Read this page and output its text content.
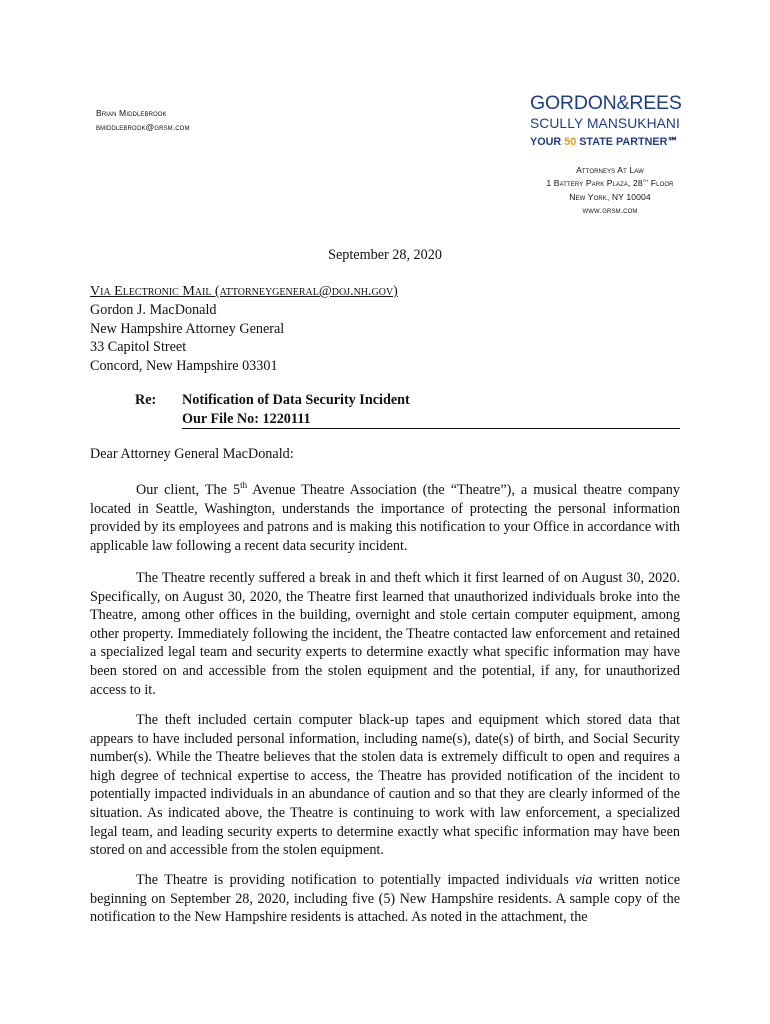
Brian Middlebrook
bmiddlebrook@grsm.com
GORDON&REES
SCULLY MANSUKHANI
YOUR 50 STATE PARTNER℠
Attorneys At Law
1 Battery Park Plaza, 28th Floor
New York, NY 10004
www.grsm.com
September 28, 2020
Via Electronic Mail (attorneygeneral@doj.nh.gov)
Gordon J. MacDonald
New Hampshire Attorney General
33 Capitol Street
Concord, New Hampshire 03301
Re: Notification of Data Security Incident
Our File No: 1220111
Dear Attorney General MacDonald:

Our client, The 5th Avenue Theatre Association (the “Theatre”), a musical theatre company located in Seattle, Washington, understands the importance of protecting the personal information provided by its employees and patrons and is making this notification to your Office in accordance with applicable law following a recent data security incident.

The Theatre recently suffered a break in and theft which it first learned of on August 30, 2020. Specifically, on August 30, 2020, the Theatre first learned that unauthorized individuals broke into the Theatre, among other offices in the building, overnight and stole certain computer equipment, among other property. Immediately following the incident, the Theatre contacted law enforcement and retained a specialized legal team and security experts to determine exactly what specific information may have been stored on and accessible from the stolen equipment and the potential, if any, for unauthorized access to it.

The theft included certain computer black-up tapes and equipment which stored data that appears to have included personal information, including name(s), date(s) of birth, and Social Security number(s). While the Theatre believes that the stolen data is extremely difficult to open and requires a high degree of technical expertise to access, the Theatre has provided notification of the incident to potentially impacted individuals in an abundance of caution and so that they are clearly informed of the situation. As indicated above, the Theatre is continuing to work with law enforcement, a specialized legal team, and leading security experts to determine exactly what specific information may have been stored on and accessible from the stolen equipment.

The Theatre is providing notification to potentially impacted individuals via written notice beginning on September 28, 2020, including five (5) New Hampshire residents. A sample copy of the notification to the New Hampshire residents is attached. As noted in the attachment, the
